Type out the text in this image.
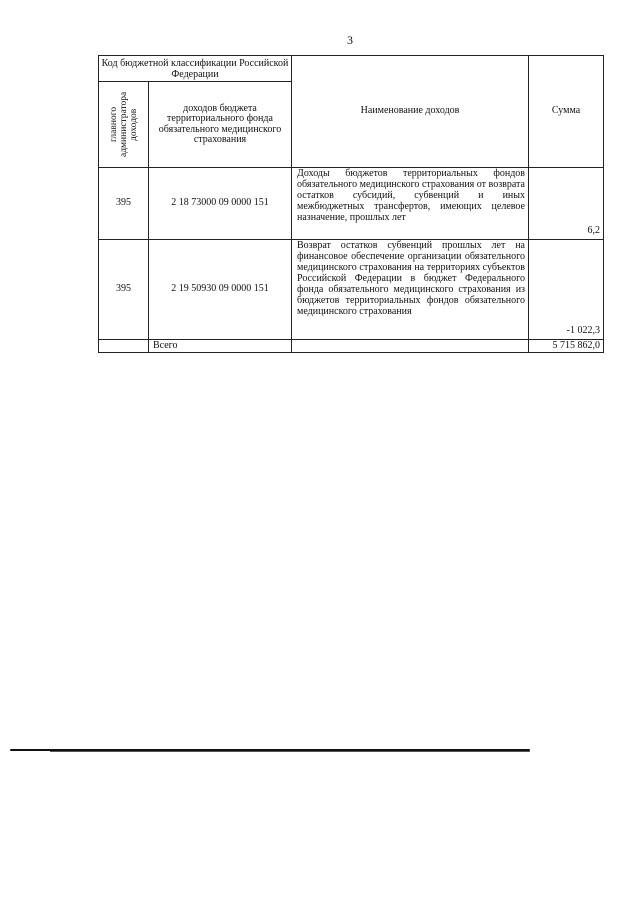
3
Код бюджетной классификации Российской Федерации		Наименование доходов	Сумма

главного администратора доходов	доходов бюджета территориального фонда обязательного медицинского страхования		
395	2 18 73000 09 0000 151	Доходы бюджетов территориальных фондов обязательного медицинского страхования от возврата остатков субсидий, субвенций и иных межбюджетных трансфертов, имеющих целевое назначение, прошлых лет	6,2
395	2 19 50930 09 0000 151	Возврат остатков субвенций прошлых лет на финансовое обеспечение организации обязательного медицинского страхования на территориях субъектов Российской Федерации в бюджет Федерального фонда обязательного медицинского страхования из бюджетов территориальных фондов обязательного медицинского страхования	-1 022,3
	Всего		5 715 862,0
